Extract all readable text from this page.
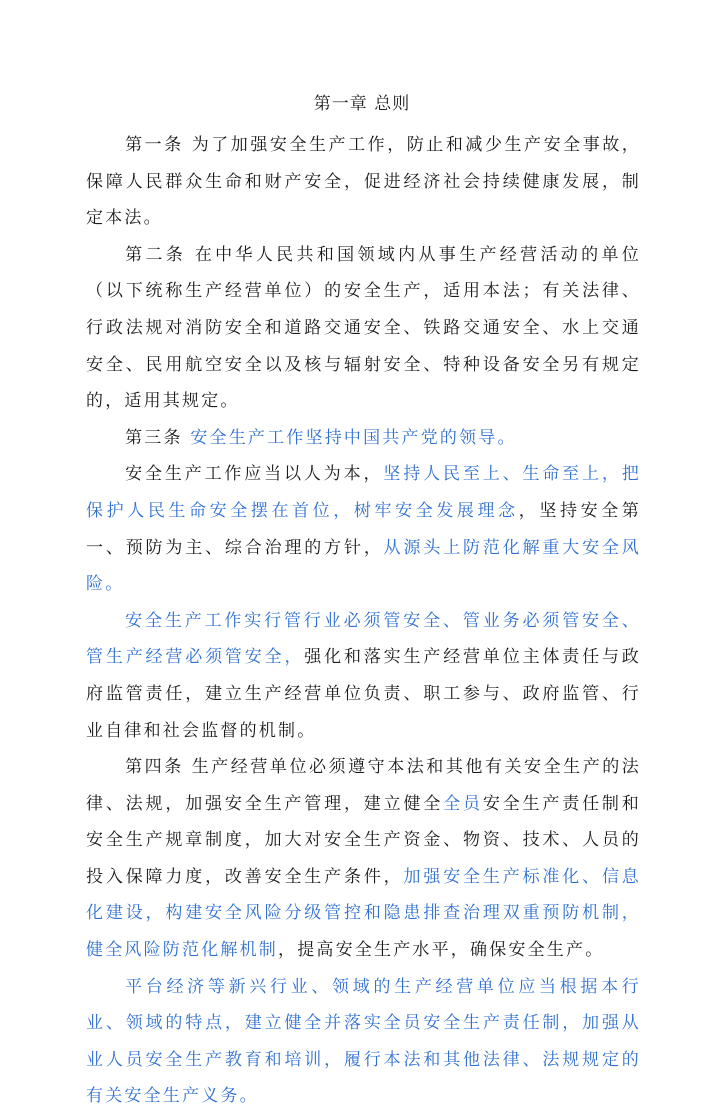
第一章 总则

第一条 为了加强安全生产工作，防止和减少生产安全事故，保障人民群众生命和财产安全，促进经济社会持续健康发展，制定本法。

第二条 在中华人民共和国领域内从事生产经营活动的单位（以下统称生产经营单位）的安全生产，适用本法；有关法律、行政法规对消防安全和道路交通安全、铁路交通安全、水上交通安全、民用航空安全以及核与辐射安全、特种设备安全另有规定的，适用其规定。

第三条 安全生产工作坚持中国共产党的领导。

安全生产工作应当以人为本，坚持人民至上、生命至上，把保护人民生命安全摆在首位，树牢安全发展理念，坚持安全第一、预防为主、综合治理的方针，从源头上防范化解重大安全风险。

安全生产工作实行管行业必须管安全、管业务必须管安全、管生产经营必须管安全，强化和落实生产经营单位主体责任与政府监管责任，建立生产经营单位负责、职工参与、政府监管、行业自律和社会监督的机制。

第四条 生产经营单位必须遵守本法和其他有关安全生产的法律、法规，加强安全生产管理，建立健全全员安全生产责任制和安全生产规章制度，加大对安全生产资金、物资、技术、人员的投入保障力度，改善安全生产条件，加强安全生产标准化、信息化建设，构建安全风险分级管控和隐患排查治理双重预防机制，健全风险防范化解机制，提高安全生产水平，确保安全生产。

平台经济等新兴行业、领域的生产经营单位应当根据本行业、领域的特点，建立健全并落实全员安全生产责任制，加强从业人员安全生产教育和培训，履行本法和其他法律、法规规定的有关安全生产义务。
